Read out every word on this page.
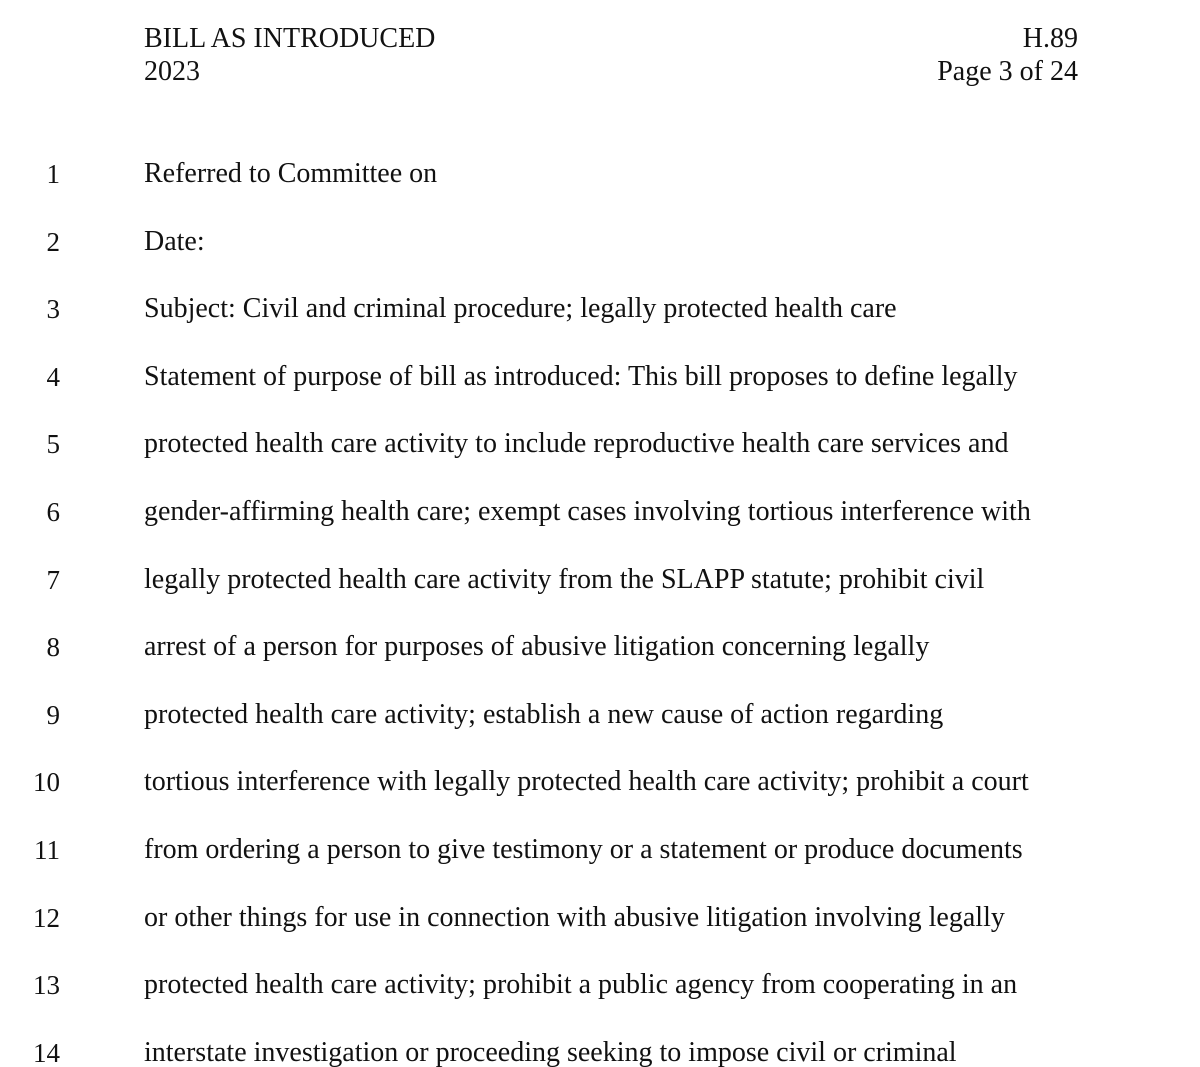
BILL AS INTRODUCED
2023
H.89
Page 3 of 24
1	Referred to Committee on
2	Date:
3	Subject: Civil and criminal procedure; legally protected health care
4	Statement of purpose of bill as introduced: This bill proposes to define legally
5	protected health care activity to include reproductive health care services and
6	gender-affirming health care; exempt cases involving tortious interference with
7	legally protected health care activity from the SLAPP statute; prohibit civil
8	arrest of a person for purposes of abusive litigation concerning legally
9	protected health care activity; establish a new cause of action regarding
10	tortious interference with legally protected health care activity; prohibit a court
11	from ordering a person to give testimony or a statement or produce documents
12	or other things for use in connection with abusive litigation involving legally
13	protected health care activity; prohibit a public agency from cooperating in an
14	interstate investigation or proceeding seeking to impose civil or criminal
